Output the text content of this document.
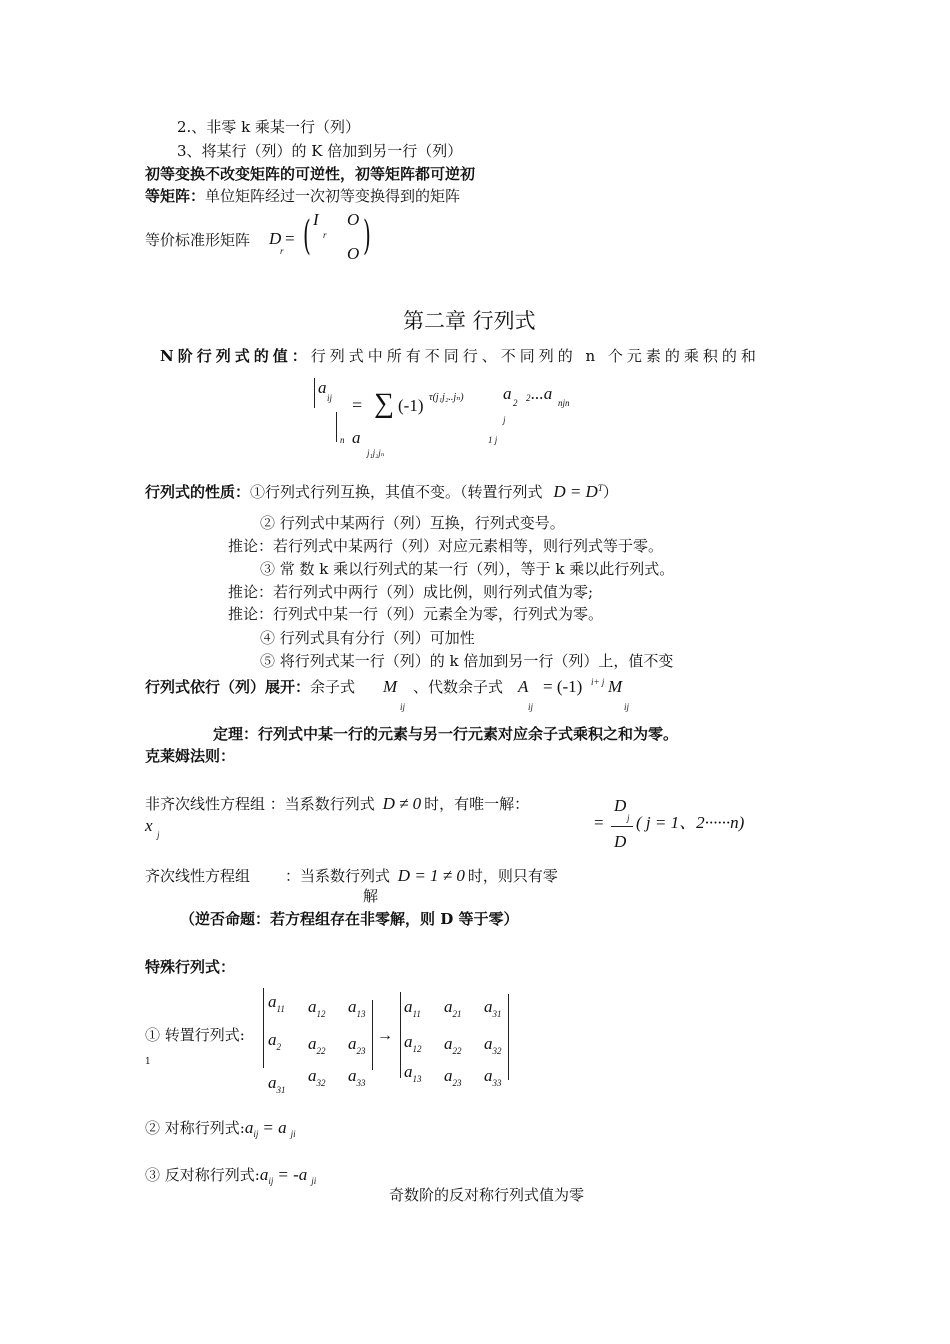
2.、非零 k 乘某一行（列）
3、将某行（列）的 K 倍加到另一行（列）
初等变换不改变矩阵的可逆性，初等矩阵都可逆初
等矩阵：单位矩阵经过一次初等变换得到的矩阵
等价标准形矩阵 D
r
= ( I
r
O
O )
第二章 行列式
N阶行列式的值：行列式中所有不同行、不同列的 n 个元素的乘积的和
a
ij
n
= ∑ (-1) τ(j₁j₂..jₙ) a 2 2
j
...a njn
1 j
a
j₁j₂jₙ
行列式的性质：①行列式行列互换，其值不变。（转置行列式 $D = D^T$）
② 行列式中某两行（列）互换，行列式变号。
推论：若行列式中某两行（列）对应元素相等，则行列式等于零。
③ 常 数 k 乘以行列式的某一行（列），等于 k 乘以此行列式。
推论：若行列式中两行（列）成比例，则行列式值为零;
推论：行列式中某一行（列）元素全为零，行列式为零。
④ 行列式具有分行（列）可加性
⑤ 将行列式某一行（列）的 k 倍加到另一行（列）上，值不变
行列式依行（列）展开：余子式 M
ij
、代数余子式 A
ij
= (-1) i+ j M
ij
定理：行列式中某一行的元素与另一行元素对应余子式乘积之和为零。
克莱姆法则：
非齐次线性方程组 ：当系数行列式 D ≠ 0 时，有唯一解：
x j
=
D
j
D
( j = 1、2······n)
齐次线性方程组 ：当系数行列式 D = 1 ≠ 0 时，则只有零
解
（逆否命题：若方程组存在非零解，则 D 等于零）
特殊行列式：
① 转置行列式:
1
→
$a_{11}$ $a_{12}$ $a_{13}$
$a_2$ $a_{22}$ $a_{23}$
$a_{31}$
$a_{32}$ $a_{33}$
$a_{11}$ $a_{21}$ $a_{31}$
$a_{12}$ $a_{22}$ $a_{32}$
$a_{13}$ $a_{23}$ $a_{33}$
② 对称行列式$:a_{ij} = a$ $_{ji}$
③ 反对称行列式$:a_{ij} = -a$ $_{ji}$
奇数阶的反对称行列式值为零
